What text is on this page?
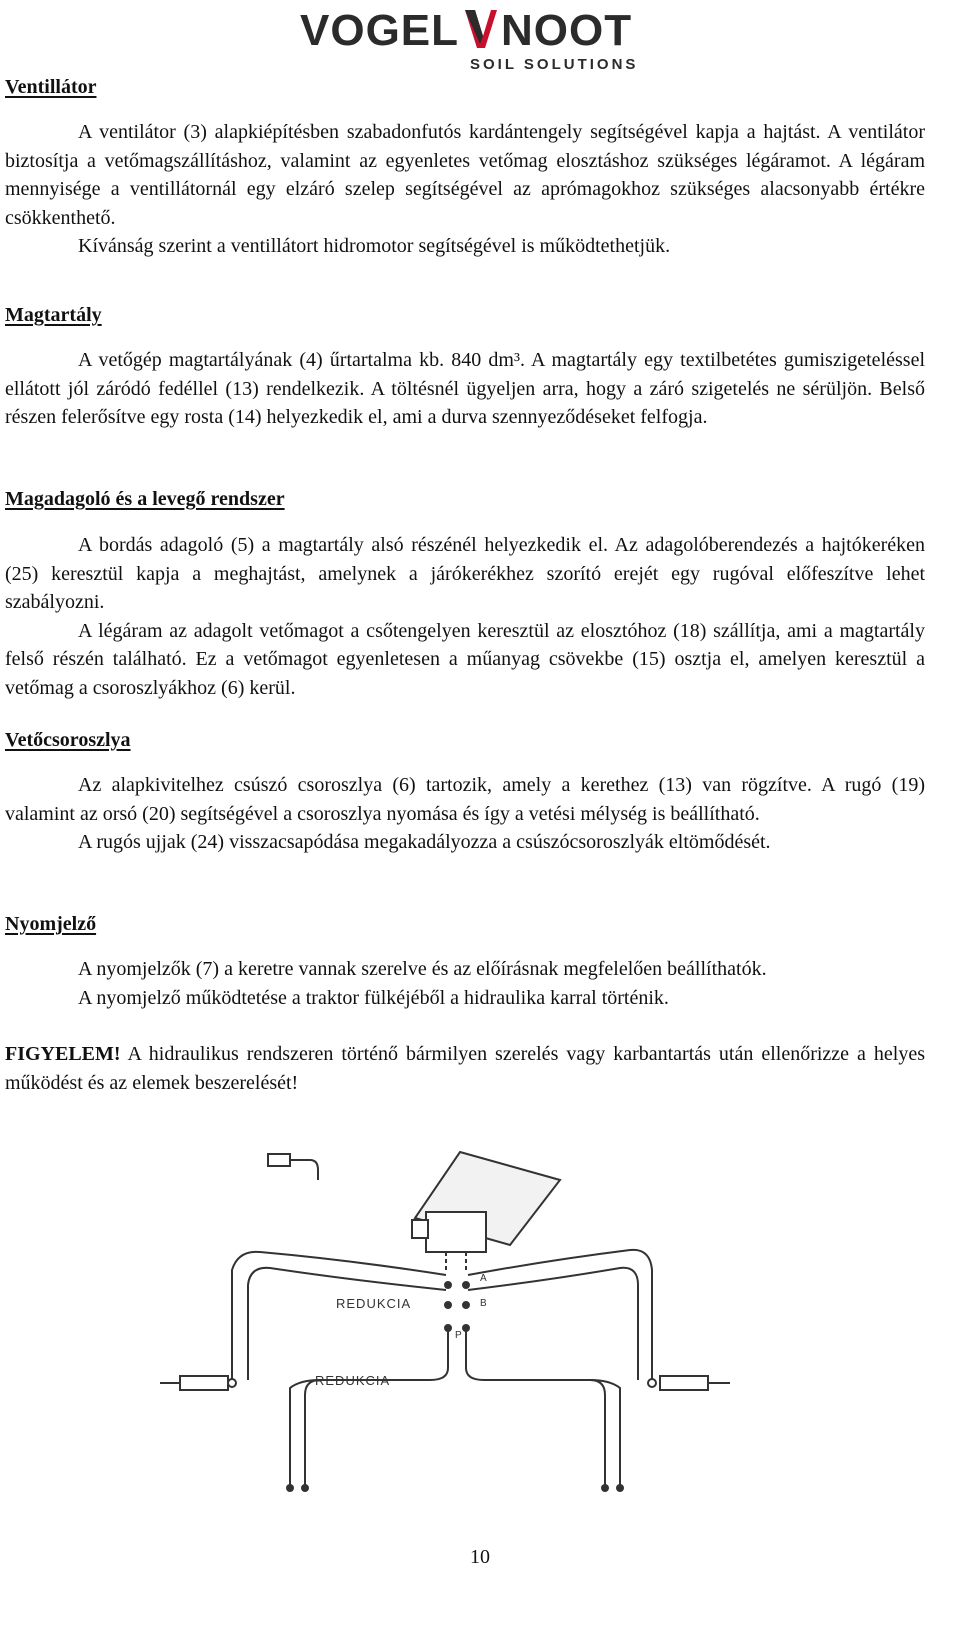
VOGEL NOOT
SOIL SOLUTIONS
Ventillátor

A ventilátor (3) alapkiépítésben szabadonfutós kardántengely segítségével kapja a hajtást. A ventilátor biztosítja a vetőmagszállításhoz, valamint az egyenletes vetőmag elosztáshoz szükséges légáramot. A légáram mennyisége a ventillátornál egy elzáró szelep segítségével az aprómagokhoz szükséges alacsonyabb értékre csökkenthető.

Kívánság szerint a ventillátort hidromotor segítségével is működtethetjük.

Magtartály

A vetőgép magtartályának (4) űrtartalma kb. 840 dm³. A magtartály egy textilbetétes gumiszigeteléssel ellátott jól záródó fedéllel (13) rendelkezik. A töltésnél ügyeljen arra, hogy a záró szigetelés ne sérüljön. Belső részen felerősítve egy rosta (14) helyezkedik el, ami a durva szennyeződéseket felfogja.

Magadagoló és a levegő rendszer

A bordás adagoló (5) a magtartály alsó részénél helyezkedik el. Az adagolóberendezés a hajtókeréken (25) keresztül kapja a meghajtást, amelynek a járókerékhez szorító erejét egy rugóval előfeszítve lehet szabályozni.

A légáram az adagolt vetőmagot a csőtengelyen keresztül az elosztóhoz (18) szállítja, ami a magtartály felső részén található. Ez a vetőmagot egyenletesen a műanyag csövekbe (15) osztja el, amelyen keresztül a vetőmag a csoroszlyákhoz (6) kerül.

Vetőcsoroszlya

Az alapkivitelhez csúszó csoroszlya (6) tartozik, amely a kerethez (13) van rögzítve. A rugó (19) valamint az orsó (20) segítségével a csoroszlya nyomása és így a vetési mélység is beállítható.

A rugós ujjak (24) visszacsapódása megakadályozza a csúszócsoroszlyák eltömődését.

Nyomjelző

A nyomjelzők (7) a keretre vannak szerelve és az előírásnak megfelelően beállíthatók.

A nyomjelző működtetése a traktor fülkéjéből a hidraulika karral történik.

FIGYELEM! A hidraulikus rendszeren történő bármilyen szerelés vagy karbantartás után ellenőrizze a helyes működést és az elemek beszerelését!

A
B
P
REDUKCIA
REDUKCIA
10
